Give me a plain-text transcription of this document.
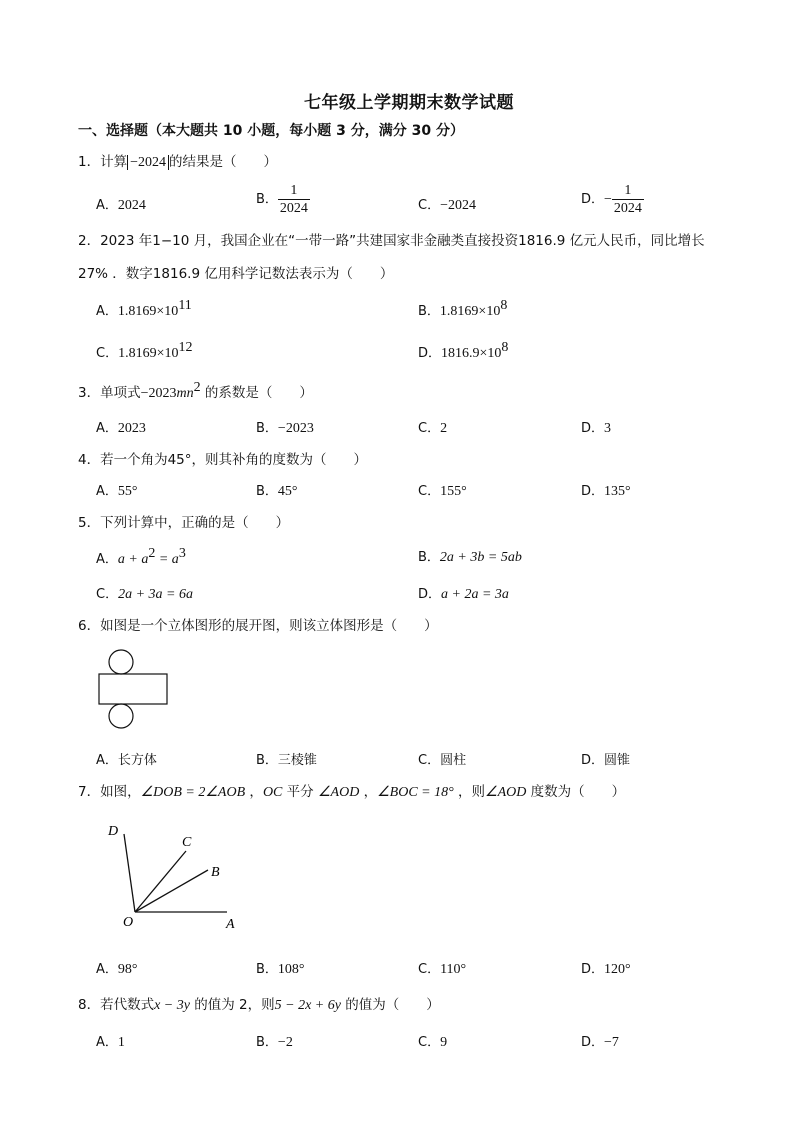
七年级上学期期末数学试题
一、选择题（本大题共 10 小题，每小题 3 分，满分 30 分）
1．计算 −2024 的结果是（　　）
A．2024	B． $\frac{1}{2024}$	C．−2024	D．− $\frac{1}{2024}$
2．2023 年1−10 月，我国企业在“一带一路”共建国家非金融类直接投资1816.9 亿元人民币，同比增长
27% ．数字1816.9 亿用科学记数法表示为（　　）
A．$1.8169\times 10^{11}$	B．$1.8169\times 10^8$
C．$1.8169\times 10^{12}$	D．$1816.9\times 10^8$
3．单项式$-2023mn^2$ 的系数是（　　）
A．2023	B．−2023	C．2	D．3
4．若一个角为45°，则其补角的度数为（　　）
A．55°	B．45°	C．155°	D．135°
5．下列计算中，正确的是（　　）
A．$a + a^2 = a^3$	B．2a + 3b = 5ab
C．2a + 3a = 6a	D．a + 2a = 3a
6．如图是一个立体图形的展开图，则该立体图形是（　　）
A．长方体	B．三棱锥	C．圆柱	D．圆锥
7．如图，∠DOB = 2∠AOB ，OC 平分 ∠AOD ，∠BOC = 18° ，则∠AOD 度数为（　　）
D
C
B
O	A
A．98°	B．108°	C．110°	D．120°
8．若代数式x − 3y 的值为 2，则5 − 2x + 6y 的值为（　　）
A．1	B．−2	C．9	D．−7
